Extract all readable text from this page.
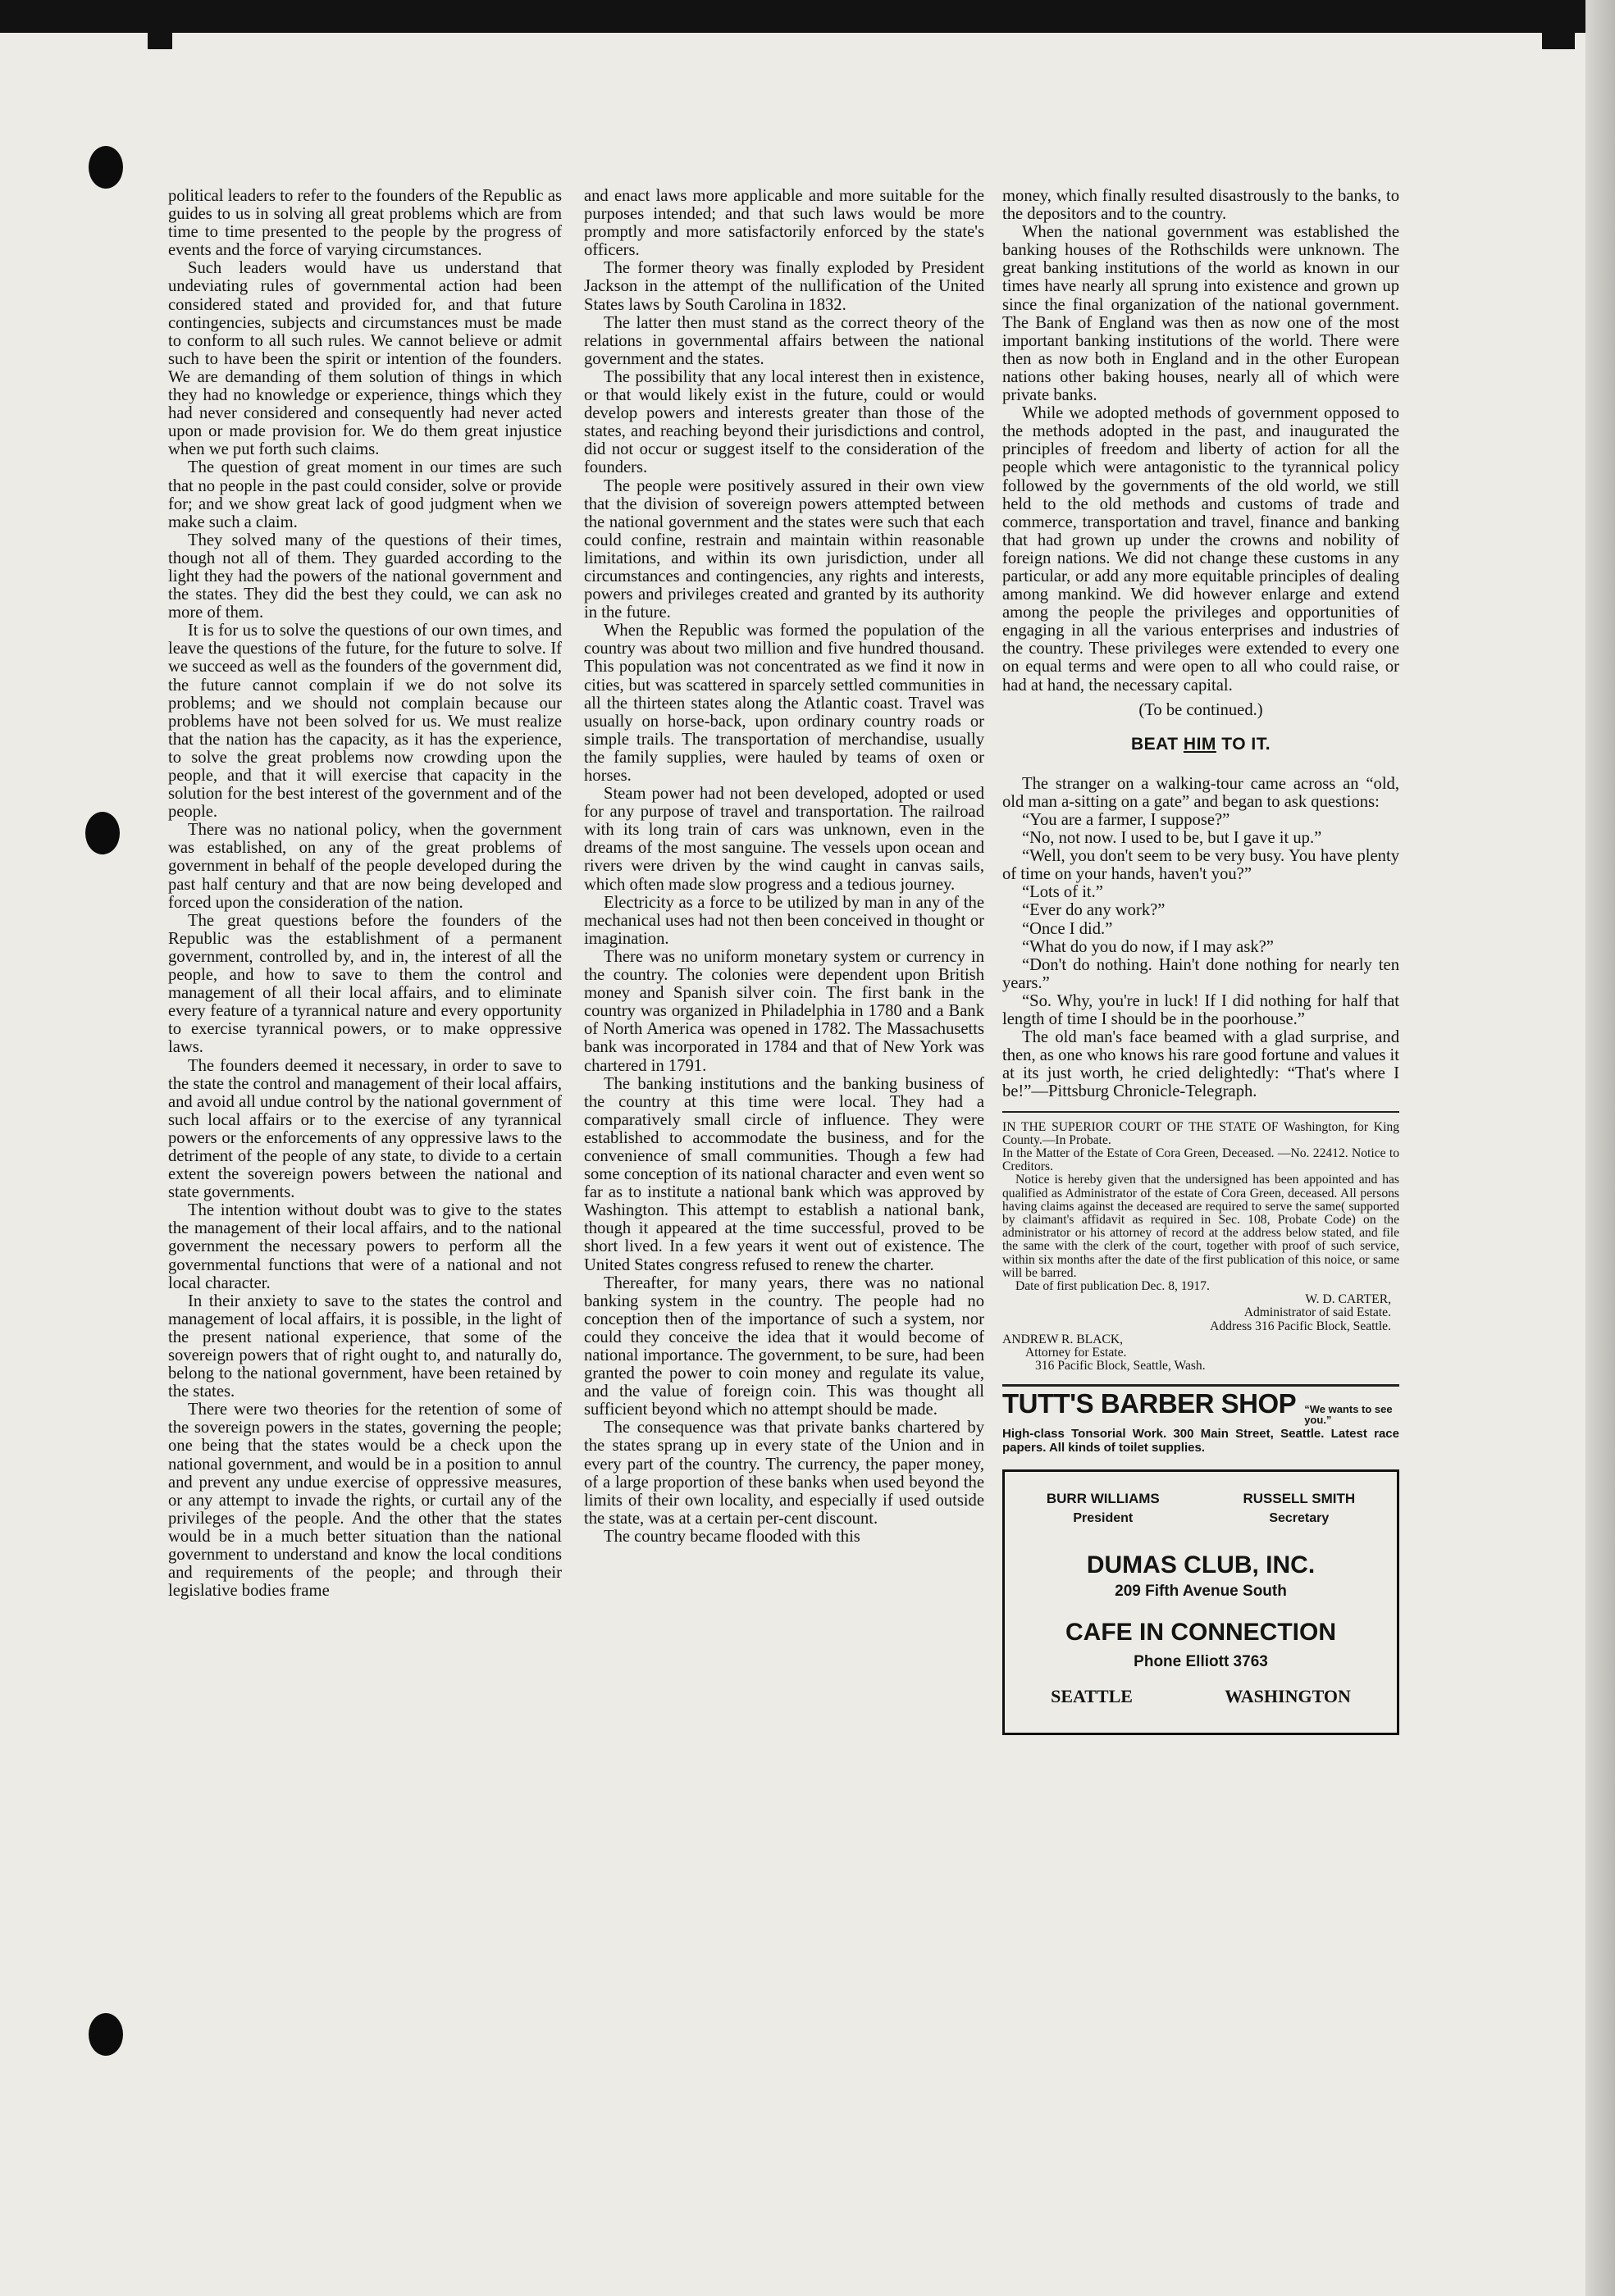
political leaders to refer to the founders of the Republic as guides to us in solving all great problems which are from time to time presented to the people by the progress of events and the force of varying circumstances.

Such leaders would have us understand that undeviating rules of governmental action had been considered stated and provided for, and that future contingencies, subjects and circumstances must be made to conform to all such rules. We cannot believe or admit such to have been the spirit or intention of the founders. We are demanding of them solution of things in which they had no knowledge or experience, things which they had never considered and consequently had never acted upon or made provision for. We do them great injustice when we put forth such claims.

The question of great moment in our times are such that no people in the past could consider, solve or provide for; and we show great lack of good judgment when we make such a claim.

They solved many of the questions of their times, though not all of them. They guarded according to the light they had the powers of the national government and the states. They did the best they could, we can ask no more of them.

It is for us to solve the questions of our own times, and leave the questions of the future, for the future to solve. If we succeed as well as the founders of the government did, the future cannot complain if we do not solve its problems; and we should not complain because our problems have not been solved for us. We must realize that the nation has the capacity, as it has the experience, to solve the great problems now crowding upon the people, and that it will exercise that capacity in the solution for the best interest of the government and of the people.

There was no national policy, when the government was established, on any of the great problems of government in behalf of the people developed during the past half century and that are now being developed and forced upon the consideration of the nation.

The great questions before the founders of the Republic was the establishment of a permanent government, controlled by, and in, the interest of all the people, and how to save to them the control and management of all their local affairs, and to eliminate every feature of a tyrannical nature and every opportunity to exercise tyrannical powers, or to make oppressive laws.

The founders deemed it necessary, in order to save to the state the control and management of their local affairs, and avoid all undue control by the national government of such local affairs or to the exercise of any tyrannical powers or the enforcements of any oppressive laws to the detriment of the people of any state, to divide to a certain extent the sovereign powers between the national and state governments.

The intention without doubt was to give to the states the management of their local affairs, and to the national government the necessary powers to perform all the governmental functions that were of a national and not local character.

In their anxiety to save to the states the control and management of local affairs, it is possible, in the light of the present national experience, that some of the sovereign powers that of right ought to, and naturally do, belong to the national government, have been retained by the states.

There were two theories for the retention of some of the sovereign powers in the states, governing the people; one being that the states would be a check upon the national government, and would be in a position to annul and prevent any undue exercise of oppressive measures, or any attempt to invade the rights, or curtail any of the privileges of the people. And the other that the states would be in a much better situation than the national government to understand and know the local conditions and requirements of the people; and through their legislative bodies frame

and enact laws more applicable and more suitable for the purposes intended; and that such laws would be more promptly and more satisfactorily enforced by the state's officers.

The former theory was finally exploded by President Jackson in the attempt of the nullification of the United States laws by South Carolina in 1832.

The latter then must stand as the correct theory of the relations in governmental affairs between the national government and the states.

The possibility that any local interest then in existence, or that would likely exist in the future, could or would develop powers and interests greater than those of the states, and reaching beyond their jurisdictions and control, did not occur or suggest itself to the consideration of the founders.

The people were positively assured in their own view that the division of sovereign powers attempted between the national government and the states were such that each could confine, restrain and maintain within reasonable limitations, and within its own jurisdiction, under all circumstances and contingencies, any rights and interests, powers and privileges created and granted by its authority in the future.

When the Republic was formed the population of the country was about two million and five hundred thousand. This population was not concentrated as we find it now in cities, but was scattered in sparcely settled communities in all the thirteen states along the Atlantic coast. Travel was usually on horse-back, upon ordinary country roads or simple trails. The transportation of merchandise, usually the family supplies, were hauled by teams of oxen or horses.

Steam power had not been developed, adopted or used for any purpose of travel and transportation. The railroad with its long train of cars was unknown, even in the dreams of the most sanguine. The vessels upon ocean and rivers were driven by the wind caught in canvas sails, which often made slow progress and a tedious journey.

Electricity as a force to be utilized by man in any of the mechanical uses had not then been conceived in thought or imagination.

There was no uniform monetary system or currency in the country. The colonies were dependent upon British money and Spanish silver coin. The first bank in the country was organized in Philadelphia in 1780 and a Bank of North America was opened in 1782. The Massachusetts bank was incorporated in 1784 and that of New York was chartered in 1791.

The banking institutions and the banking business of the country at this time were local. They had a comparatively small circle of influence. They were established to accommodate the business, and for the convenience of small communities. Though a few had some conception of its national character and even went so far as to institute a national bank which was approved by Washington. This attempt to establish a national bank, though it appeared at the time successful, proved to be short lived. In a few years it went out of existence. The United States congress refused to renew the charter.

Thereafter, for many years, there was no national banking system in the country. The people had no conception then of the importance of such a system, nor could they conceive the idea that it would become of national importance. The government, to be sure, had been granted the power to coin money and regulate its value, and the value of foreign coin. This was thought all sufficient beyond which no attempt should be made.

The consequence was that private banks chartered by the states sprang up in every state of the Union and in every part of the country. The currency, the paper money, of a large proportion of these banks when used beyond the limits of their own locality, and especially if used outside the state, was at a certain per-cent discount.

The country became flooded with this

money, which finally resulted disastrously to the banks, to the depositors and to the country.

When the national government was established the banking houses of the Rothschilds were unknown. The great banking institutions of the world as known in our times have nearly all sprung into existence and grown up since the final organization of the national government. The Bank of England was then as now one of the most important banking institutions of the world. There were then as now both in England and in the other European nations other baking houses, nearly all of which were private banks.

While we adopted methods of government opposed to the methods adopted in the past, and inaugurated the principles of freedom and liberty of action for all the people which were antagonistic to the tyrannical policy followed by the governments of the old world, we still held to the old methods and customs of trade and commerce, transportation and travel, finance and banking that had grown up under the crowns and nobility of foreign nations. We did not change these customs in any particular, or add any more equitable principles of dealing among mankind. We did however enlarge and extend among the people the privileges and opportunities of engaging in all the various enterprises and industries of the country. These privileges were extended to every one on equal terms and were open to all who could raise, or had at hand, the necessary capital.

(To be continued.)

BEAT HIM TO IT.

The stranger on a walking-tour came across an “old, old man a-sitting on a gate” and began to ask questions:

“You are a farmer, I suppose?”

“No, not now. I used to be, but I gave it up.”

“Well, you don't seem to be very busy. You have plenty of time on your hands, haven't you?”

“Lots of it.”

“Ever do any work?”

“Once I did.”

“What do you do now, if I may ask?”

“Don't do nothing. Hain't done nothing for nearly ten years.”

“So. Why, you're in luck! If I did nothing for half that length of time I should be in the poorhouse.”

The old man's face beamed with a glad surprise, and then, as one who knows his rare good fortune and values it at its just worth, he cried delightedly: “That's where I be!”—Pittsburg Chronicle-Telegraph.

IN THE SUPERIOR COURT OF THE STATE OF Washington, for King County.—In Probate.

In the Matter of the Estate of Cora Green, Deceased. —No. 22412. Notice to Creditors.

Notice is hereby given that the undersigned has been appointed and has qualified as Administrator of the estate of Cora Green, deceased. All persons having claims against the deceased are required to serve the same( supported by claimant's affidavit as required in Sec. 108, Probate Code) on the administrator or his attorney of record at the address below stated, and file the same with the clerk of the court, together with proof of such service, within six months after the date of the first publication of this noice, or same will be barred.

Date of first publication Dec. 8, 1917.

W. D. CARTER,

Administrator of said Estate.

Address 316 Pacific Block, Seattle.

ANDREW R. BLACK,

Attorney for Estate.

316 Pacific Block, Seattle, Wash.

TUTT'S BARBER SHOP “We wants to see
you.”
High-class Tonsorial Work. 300 Main Street, Seattle. Latest race papers. All kinds of toilet supplies.
BURR WILLIAMS
President
RUSSELL SMITH
Secretary
DUMAS CLUB, INC.
209 Fifth Avenue South
CAFE IN CONNECTION
Phone Elliott 3763
SEATTLE	WASHINGTON
